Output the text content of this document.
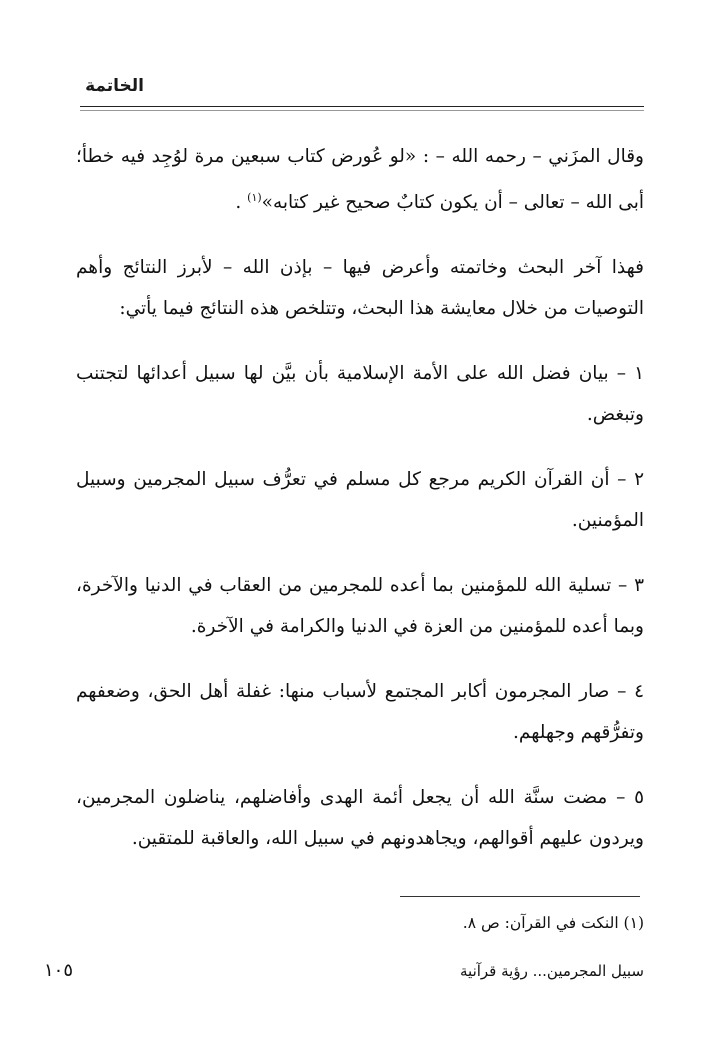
الخاتمة

وقال المزَني – رحمه الله – : «لو عُورض كتاب سبعين مرة لوُجِد فيه خطأ؛ أبى الله – تعالى – أن يكون كتابٌ صحيح غير كتابه»$^{(١)}$ .

فهذا آخر البحث وخاتمته وأعرض فيها – بإذن الله – لأبرز النتائج وأهم التوصيات من خلال معايشة هذا البحث، وتتلخص هذه النتائج فيما يأتي:

١ – بيان فضل الله على الأمة الإسلامية بأن بيَّن لها سبيل أعدائها لتجتنب وتبغض.

٢ – أن القرآن الكريم مرجع كل مسلم في تعرُّف سبيل المجرمين وسبيل المؤمنين.

٣ – تسلية الله للمؤمنين بما أعده للمجرمين من العقاب في الدنيا والآخرة، وبما أعده للمؤمنين من العزة في الدنيا والكرامة في الآخرة.

٤ – صار المجرمون أكابر المجتمع لأسباب منها: غفلة أهل الحق، وضعفهم وتفرُّقهم وجهلهم.

٥ – مضت سنَّة الله أن يجعل أئمة الهدى وأفاضلهم، يناضلون المجرمين، ويردون عليهم أقوالهم، ويجاهدونهم في سبيل الله، والعاقبة للمتقين.

(١) النكت في القرآن: ص ٨.
سبيل المجرمين... رؤية قرآنية
١٠٥
